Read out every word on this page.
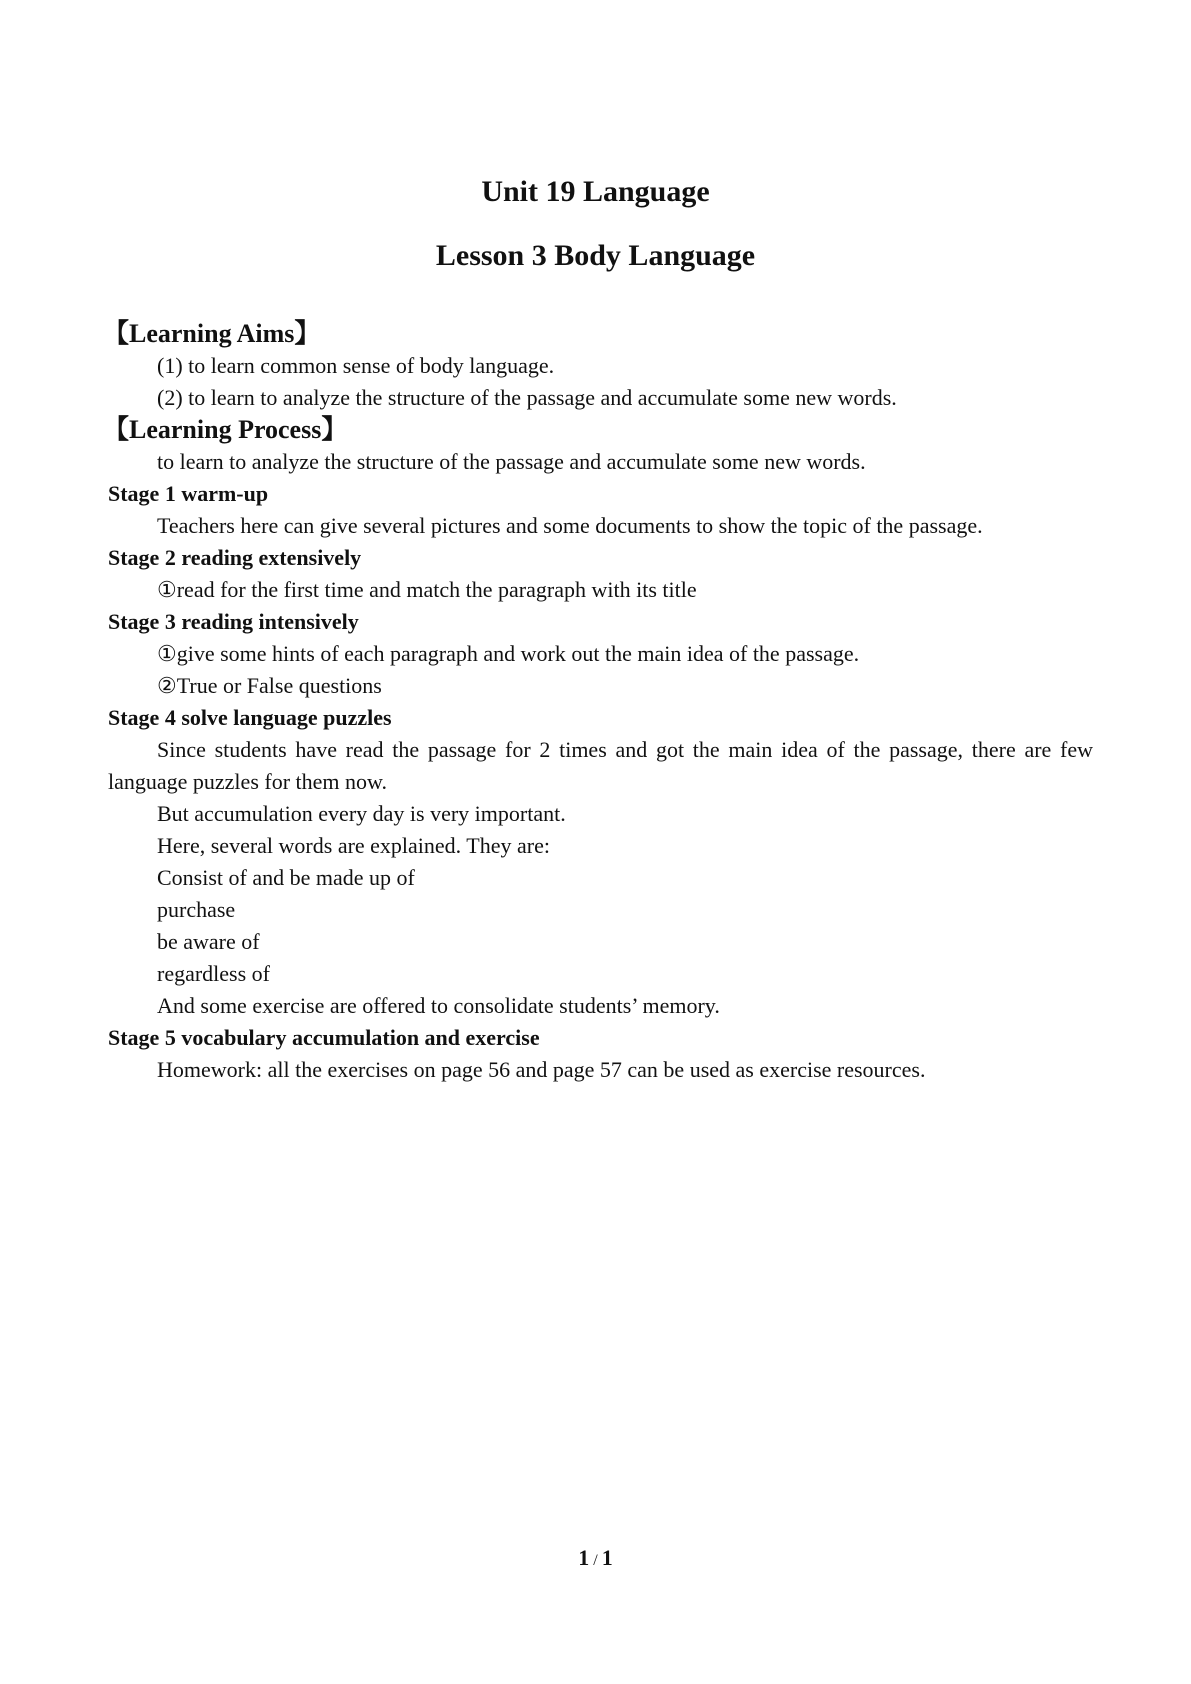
Unit 19 Language
Lesson 3 Body Language

【Learning Aims】

(1) to learn common sense of body language.

(2) to learn to analyze the structure of the passage and accumulate some new words.

【Learning Process】

to learn to analyze the structure of the passage and accumulate some new words.

Stage 1 warm-up

Teachers here can give several pictures and some documents to show the topic of the passage.

Stage 2 reading extensively

①read for the first time and match the paragraph with its title

Stage 3 reading intensively

①give some hints of each paragraph and work out the main idea of the passage.

②True or False questions

Stage 4 solve language puzzles

Since students have read the passage for 2 times and got the main idea of the passage, there are few language puzzles for them now.

But accumulation every day is very important.

Here, several words are explained. They are:

Consist of and be made up of

purchase

be aware of

regardless of

And some exercise are offered to consolidate students’ memory.

Stage 5 vocabulary accumulation and exercise

Homework: all the exercises on page 56 and page 57 can be used as exercise resources.

1 / 1
